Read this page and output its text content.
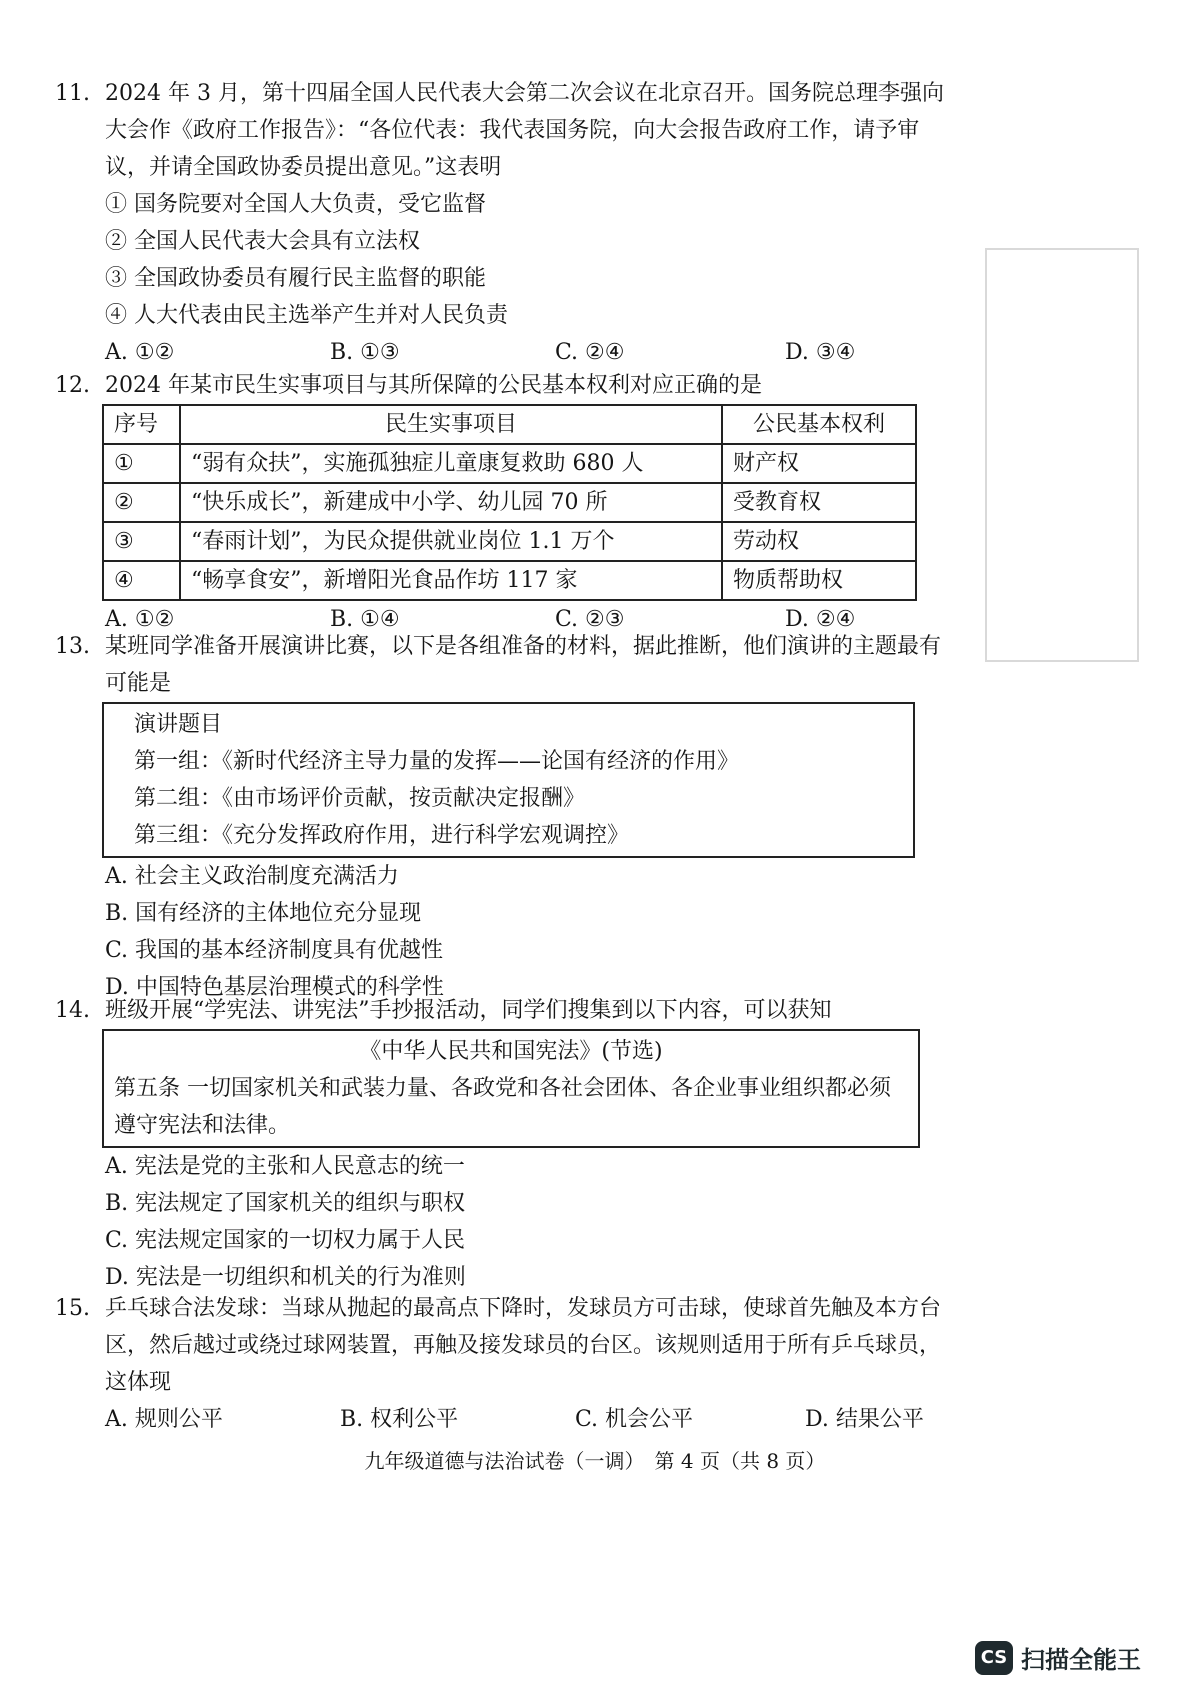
11. 2024 年 3 月，第十四届全国人民代表大会第二次会议在北京召开。国务院总理李强向大会作《政府工作报告》：“各位代表：我代表国务院，向大会报告政府工作，请予审议，并请全国政协委员提出意见。”这表明
① 国务院要对全国人大负责，受它监督
② 全国人民代表大会具有立法权
③ 全国政协委员有履行民主监督的职能
④ 人大代表由民主选举产生并对人民负责
A. ①②	B. ①③	C. ②④	D. ③④
12. 2024 年某市民生实事项目与其所保障的公民基本权利对应正确的是
序号	民生实事项目	公民基本权利
①	“弱有众扶”，实施孤独症儿童康复救助 680 人	财产权
②	“快乐成长”，新建成中小学、幼儿园 70 所	受教育权
③	“春雨计划”，为民众提供就业岗位 1.1 万个	劳动权
④	“畅享食安”，新增阳光食品作坊 117 家	物质帮助权
A. ①②	B. ①④	C. ②③	D. ②④
13. 某班同学准备开展演讲比赛，以下是各组准备的材料，据此推断，他们演讲的主题最有可能是
演讲题目
第一组：《新时代经济主导力量的发挥——论国有经济的作用》
第二组：《由市场评价贡献，按贡献决定报酬》
第三组：《充分发挥政府作用，进行科学宏观调控》
A. 社会主义政治制度充满活力
B. 国有经济的主体地位充分显现
C. 我国的基本经济制度具有优越性
D. 中国特色基层治理模式的科学性
14. 班级开展“学宪法、讲宪法”手抄报活动，同学们搜集到以下内容，可以获知
《中华人民共和国宪法》(节选)
第五条 一切国家机关和武装力量、各政党和各社会团体、各企业事业组织都必须遵守宪法和法律。
A. 宪法是党的主张和人民意志的统一
B. 宪法规定了国家机关的组织与职权
C. 宪法规定国家的一切权力属于人民
D. 宪法是一切组织和机关的行为准则
15. 乒乓球合法发球：当球从抛起的最高点下降时，发球员方可击球，使球首先触及本方台区，然后越过或绕过球网装置，再触及接发球员的台区。该规则适用于所有乒乓球员，这体现
A. 规则公平	B. 权利公平	C. 机会公平	D. 结果公平
九年级道德与法治试卷（一调）　第 4 页（共 8 页）
CS 扫描全能王
